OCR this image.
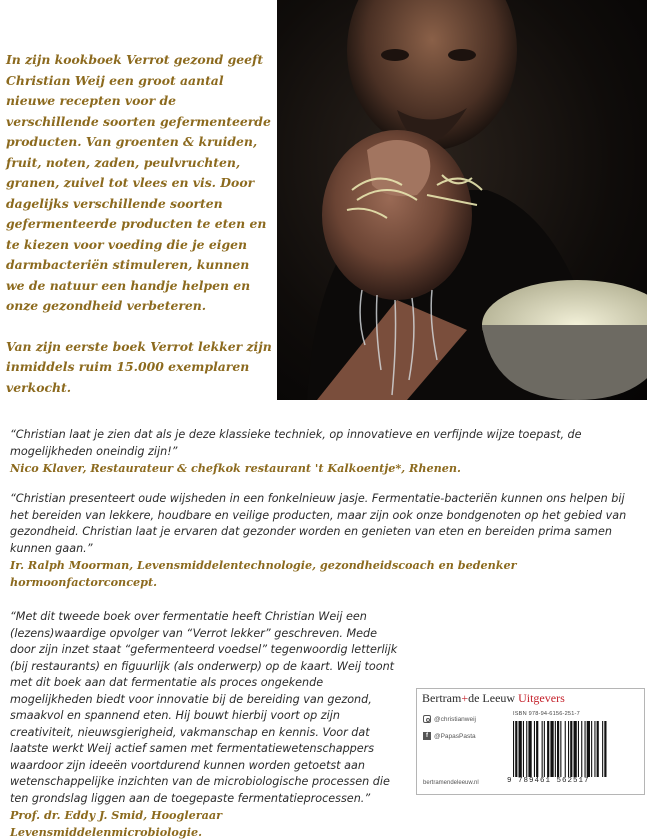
In zijn kookboek Verrot gezond geeft Christian Weij een groot aantal nieuwe recepten voor de verschillende soorten gefermenteerde producten. Van groenten & kruiden, fruit, noten, zaden, peulvruchten, granen, zuivel tot vlees en vis. Door dagelijks verschillende soorten gefermenteerde producten te eten en te kiezen voor voeding die je eigen darmbacteriën stimuleren, kunnen we de natuur een handje helpen en onze gezondheid verbeteren.

Van zijn eerste boek Verrot lekker zijn inmiddels ruim 15.000 exemplaren verkocht.

“Christian laat je zien dat als je deze klassieke techniek, op innovatieve en verfijnde wijze toepast, de mogelijkheden oneindig zijn!”

Nico Klaver, Restaurateur & chefkok restaurant 't Kalkoentje*, Rhenen.

“Christian presenteert oude wijsheden in een fonkelnieuw jasje. Fermentatie-bacteriën kunnen ons helpen bij het bereiden van lekkere, houdbare en veilige producten, maar zijn ook onze bondgenoten op het gebied van gezondheid. Christian laat je ervaren dat gezonder worden en genieten van eten en bereiden prima samen kunnen gaan.”

Ir. Ralph Moorman, Levensmiddelentechnologie, gezondheidscoach en bedenker hormoonfactorconcept.

“Met dit tweede boek over fermentatie heeft Christian Weij een (lezens)waardige opvolger van “Verrot lekker” geschreven. Mede door zijn inzet staat “gefermenteerd voedsel” tegenwoordig letterlijk (bij restaurants) en figuurlijk (als onderwerp) op de kaart. Weij toont met dit boek aan dat fermentatie als proces ongekende mogelijkheden biedt voor innovatie bij de bereiding van gezond, smaakvol en spannend eten. Hij bouwt hierbij voort op zijn creativiteit, nieuwsgierigheid, vakmanschap en kennis. Voor dat laatste werkt Weij actief samen met fermentatiewetenschappers waardoor zijn ideeën voortdurend kunnen worden getoetst aan wetenschappelijke inzichten van de microbiologische processen die ten grondslag liggen aan de toegepaste fermentatieprocessen.”

Prof. dr. Eddy J. Smid, Hoogleraar Levensmiddelenmicrobiologie.

Bertram+de Leeuw Uitgevers
@christianweij
f @PapasPasta
bertramendeleeuw.nl
ISBN 978-94-6156-251-7
9 789461 562517
